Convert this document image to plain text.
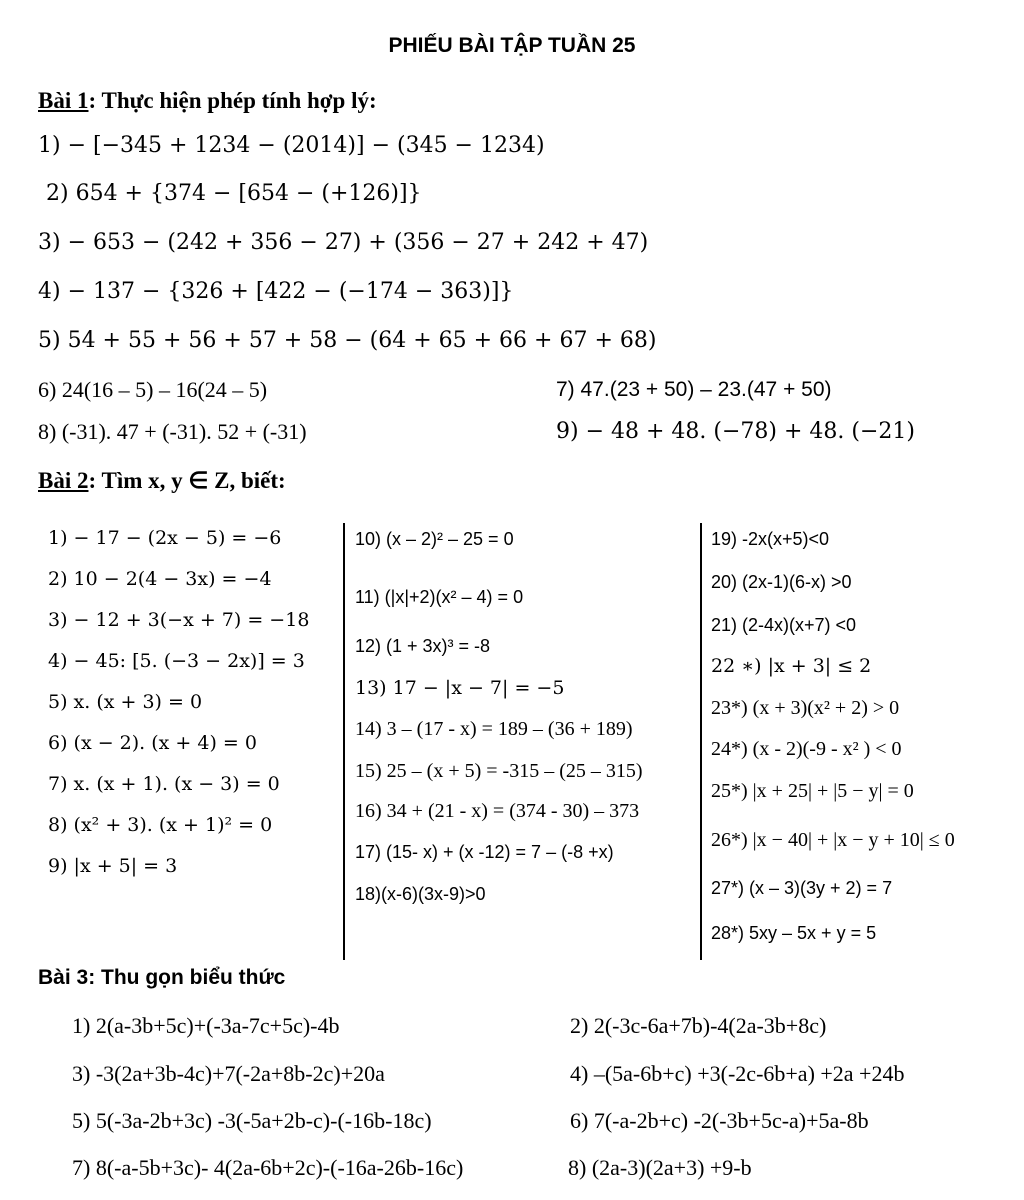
PHIẾU BÀI TẬP TUẦN 25
Bài 1: Thực hiện phép tính hợp lý:
1) − [−345 + 1234 − (2014)] − (345 − 1234)
2) 654 + {374 − [654 − (+126)]}
3) − 653 − (242 + 356 − 27) + (356 − 27 + 242 + 47)
4) − 137 − {326 + [422 − (−174 − 363)]}
5) 54 + 55 + 56 + 57 + 58 − (64 + 65 + 66 + 67 + 68)
6) 24(16 – 5) – 16(24 – 5)	7) 47.(23 + 50) – 23.(47 + 50)
8) (-31). 47 + (-31). 52 + (-31)	9) − 48 + 48. (−78) + 48. (−21)
Bài 2: Tìm x, y ∈ Z, biết:
1) − 17 − (2x − 5) = −6
2) 10 − 2(4 − 3x) = −4
3) − 12 + 3(−x + 7) = −18
4) − 45: [5. (−3 − 2x)] = 3
5) x. (x + 3) = 0
6) (x − 2). (x + 4) = 0
7) x. (x + 1). (x − 3) = 0
8) (x² + 3). (x + 1)² = 0
9) |x + 5| = 3
10) (x – 2)² – 25 = 0
11) (|x|+2)(x² – 4) = 0
12) (1 + 3x)³ = -8
13) 17 − |x − 7| = −5
14) 3 – (17 - x) = 189 – (36 + 189)
15) 25 – (x + 5) = -315 – (25 – 315)
16) 34 + (21 - x) = (374 - 30) – 373
17) (15- x) + (x -12) = 7 – (-8 +x)
18)(x-6)(3x-9)>0
19) -2x(x+5)<0
20) (2x-1)(6-x) >0
21) (2-4x)(x+7) <0
22 ∗) |x + 3| ≤ 2
23*) (x + 3)(x² + 2) > 0
24*) (x - 2)(-9 - x² ) < 0
25*) |x + 25| + |5 − y| = 0
26*) |x − 40| + |x − y + 10| ≤ 0
27*) (x – 3)(3y + 2) = 7
28*) 5xy – 5x + y = 5
Bài 3: Thu gọn biểu thức
1) 2(a-3b+5c)+(-3a-7c+5c)-4b	2) 2(-3c-6a+7b)-4(2a-3b+8c)
3) -3(2a+3b-4c)+7(-2a+8b-2c)+20a	4) –(5a-6b+c) +3(-2c-6b+a) +2a +24b
5) 5(-3a-2b+3c) -3(-5a+2b-c)-(-16b-18c)	6) 7(-a-2b+c) -2(-3b+5c-a)+5a-8b
7) 8(-a-5b+3c)- 4(2a-6b+2c)-(-16a-26b-16c)	8) (2a-3)(2a+3) +9-b
